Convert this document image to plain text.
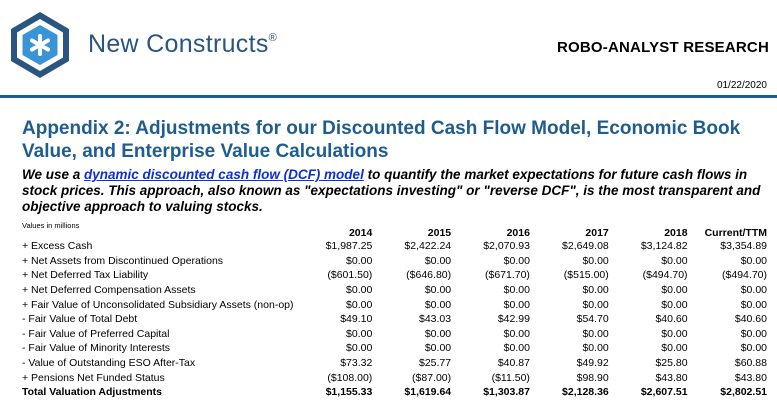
New Constructs®
ROBO-ANALYST RESEARCH
01/22/2020
Appendix 2: Adjustments for our Discounted Cash Flow Model, Economic Book Value, and Enterprise Value Calculations
We use a dynamic discounted cash flow (DCF) model to quantify the market expectations for future cash flows in stock prices. This approach, also known as "expectations investing" or "reverse DCF", is the most transparent and objective approach to valuing stocks.
Values in millions	2014	2015	2016	2017	2018	Current/TTM
+ Excess Cash	$1,987.25	$2,422.24	$2,070.93	$2,649.08	$3,124.82	$3,354.89
+ Net Assets from Discontinued Operations	$0.00	$0.00	$0.00	$0.00	$0.00	$0.00
+ Net Deferred Tax Liability	($601.50)	($646.80)	($671.70)	($515.00)	($494.70)	($494.70)
+ Net Deferred Compensation Assets	$0.00	$0.00	$0.00	$0.00	$0.00	$0.00
+ Fair Value of Unconsolidated Subsidiary Assets (non-op)	$0.00	$0.00	$0.00	$0.00	$0.00	$0.00
- Fair Value of Total Debt	$49.10	$43.03	$42.99	$54.70	$40.60	$40.60
- Fair Value of Preferred Capital	$0.00	$0.00	$0.00	$0.00	$0.00	$0.00
- Fair Value of Minority Interests	$0.00	$0.00	$0.00	$0.00	$0.00	$0.00
- Value of Outstanding ESO After-Tax	$73.32	$25.77	$40.87	$49.92	$25.80	$60.88
+ Pensions Net Funded Status	($108.00)	($87.00)	($11.50)	$98.90	$43.80	$43.80
Total Valuation Adjustments	$1,155.33	$1,619.64	$1,303.87	$2,128.36	$2,607.51	$2,802.51
